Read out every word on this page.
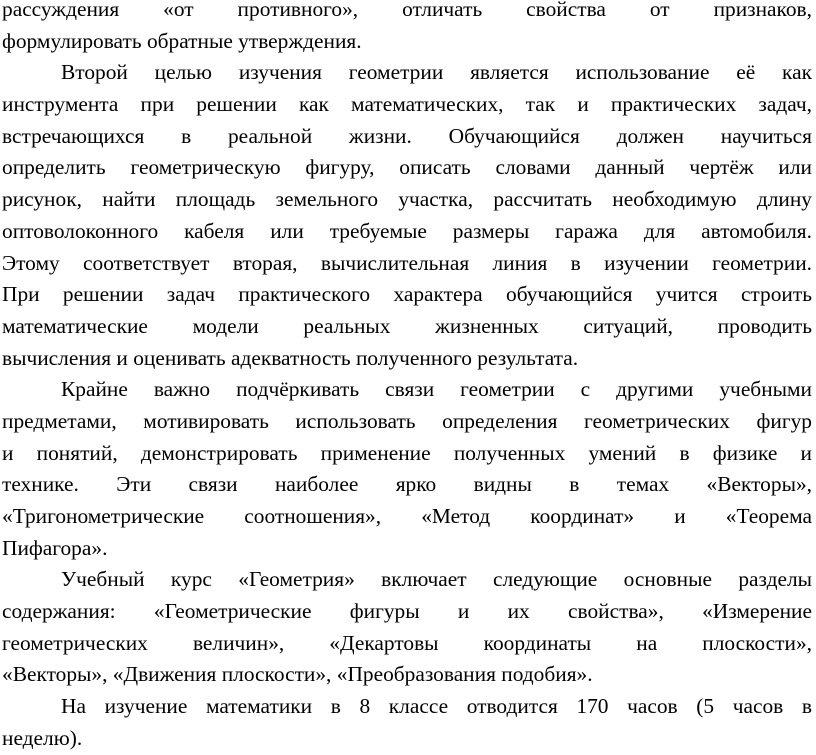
рассуждения «от противного», отличать свойства от признаков,
формулировать обратные утверждения.
Второй целью изучения геометрии является использование её как
инструмента при решении как математических, так и практических задач,
встречающихся в реальной жизни. Обучающийся должен научиться
определить геометрическую фигуру, описать словами данный чертёж или
рисунок, найти площадь земельного участка, рассчитать необходимую длину
оптоволоконного кабеля или требуемые размеры гаража для автомобиля.
Этому соответствует вторая, вычислительная линия в изучении геометрии.
При решении задач практического характера обучающийся учится строить
математические модели реальных жизненных ситуаций, проводить
вычисления и оценивать адекватность полученного результата.
Крайне важно подчёркивать связи геометрии с другими учебными
предметами, мотивировать использовать определения геометрических фигур
и понятий, демонстрировать применение полученных умений в физике и
технике. Эти связи наиболее ярко видны в темах «Векторы»,
«Тригонометрические соотношения», «Метод координат» и «Теорема
Пифагора».
Учебный курс «Геометрия» включает следующие основные разделы
содержания: «Геометрические фигуры и их свойства», «Измерение
геометрических величин», «Декартовы координаты на плоскости»,
«Векторы», «Движения плоскости», «Преобразования подобия».
На изучение математики в 8 классе отводится 170 часов (5 часов в
неделю).
